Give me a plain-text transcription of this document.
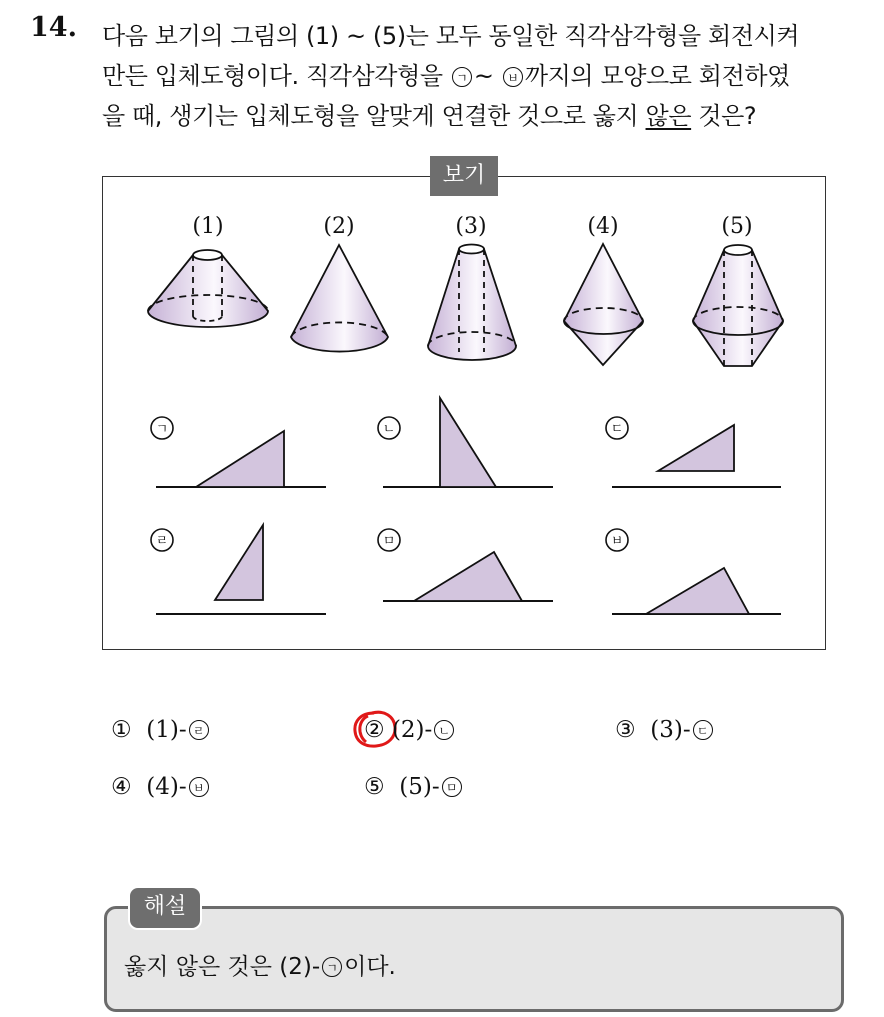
14. 다음 보기의 그림의 (1) ~ (5)는 모두 동일한 직각삼각형을 회전시켜
만든 입체도형이다. 직각삼각형을 ㄱ ~ ㅂ 까지의 모양으로 회전하였
을 때, 생기는 입체도형을 알맞게 연결한 것으로 옳지 않은 것은?
보기
(1)	(2)	(3)	(4)	(5)
ㄱ	ㄴ	ㄷ
ㄹ	ㅁ	ㅂ
① (1)- ㄹ	② (2)- ㄴ	③ (3)- ㄷ
④ (4)- ㅂ	⑤ (5)- ㅁ
해설
옳지 않은 것은 (2)- ㄱ 이다.
